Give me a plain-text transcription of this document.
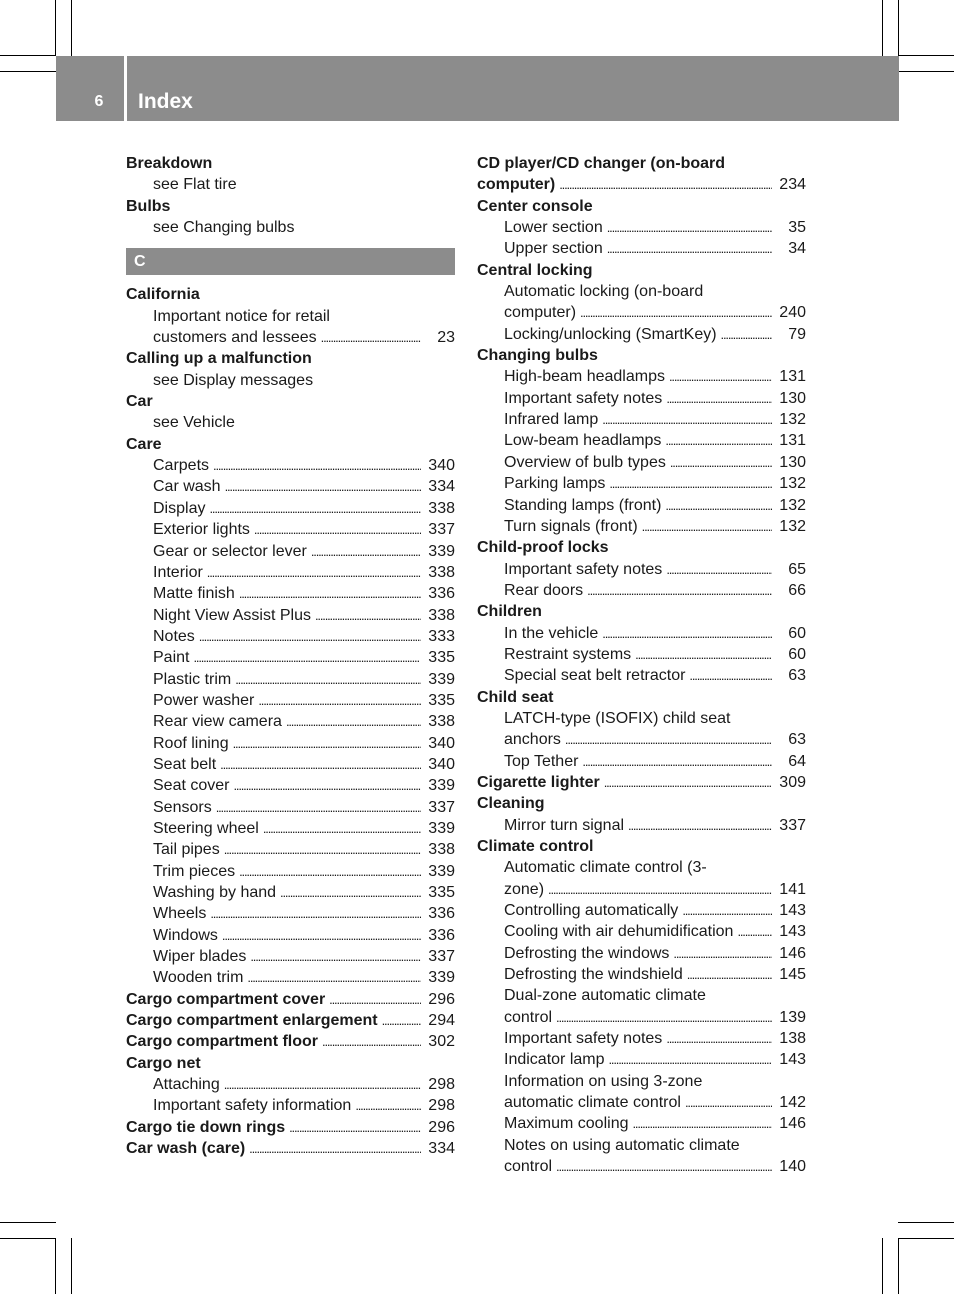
6 Index
Breakdown
see Flat tire
Bulbs
see Changing bulbs
C
California
Important notice for retail
customers and lessees . . .	23
Calling up a malfunction
see Display messages
Car
see Vehicle
Care
Carpets . . .	340
Car wash . . .	334
Display . . .	338
Exterior lights . . .	337
Gear or selector lever . . .	339
Interior . . .	338
Matte finish . . .	336
Night View Assist Plus . . .	338
Notes . . .	333
Paint . . .	335
Plastic trim . . .	339
Power washer . . .	335
Rear view camera . . .	338
Roof lining . . .	340
Seat belt . . .	340
Seat cover . . .	339
Sensors . . .	337
Steering wheel . . .	339
Tail pipes . . .	338
Trim pieces . . .	339
Washing by hand . . .	335
Wheels . . .	336
Windows . . .	336
Wiper blades . . .	337
Wooden trim . . .	339
Cargo compartment cover . . .	296
Cargo compartment enlargement . . .	294
Cargo compartment floor . . .	302
Cargo net
Attaching . . .	298
Important safety information . . .	298
Cargo tie down rings . . .	296
Car wash (care) . . .	334
CD player/CD changer (on-board
computer) . . .	234
Center console
Lower section . . .	35
Upper section . . .	34
Central locking
Automatic locking (on-board
computer) . . .	240
Locking/unlocking (SmartKey) . . .	79
Changing bulbs
High-beam headlamps . . .	131
Important safety notes . . .	130
Infrared lamp . . .	132
Low-beam headlamps . . .	131
Overview of bulb types . . .	130
Parking lamps . . .	132
Standing lamps (front) . . .	132
Turn signals (front) . . .	132
Child-proof locks
Important safety notes . . .	65
Rear doors . . .	66
Children
In the vehicle . . .	60
Restraint systems . . .	60
Special seat belt retractor . . .	63
Child seat
LATCH-type (ISOFIX) child seat
anchors . . .	63
Top Tether . . .	64
Cigarette lighter . . .	309
Cleaning
Mirror turn signal . . .	337
Climate control
Automatic climate control (3-
zone) . . .	141
Controlling automatically . . .	143
Cooling with air dehumidification . . .	143
Defrosting the windows . . .	146
Defrosting the windshield . . .	145
Dual-zone automatic climate
control . . .	139
Important safety notes . . .	138
Indicator lamp . . .	143
Information on using 3-zone
automatic climate control . . .	142
Maximum cooling . . .	146
Notes on using automatic climate
control . . .	140
